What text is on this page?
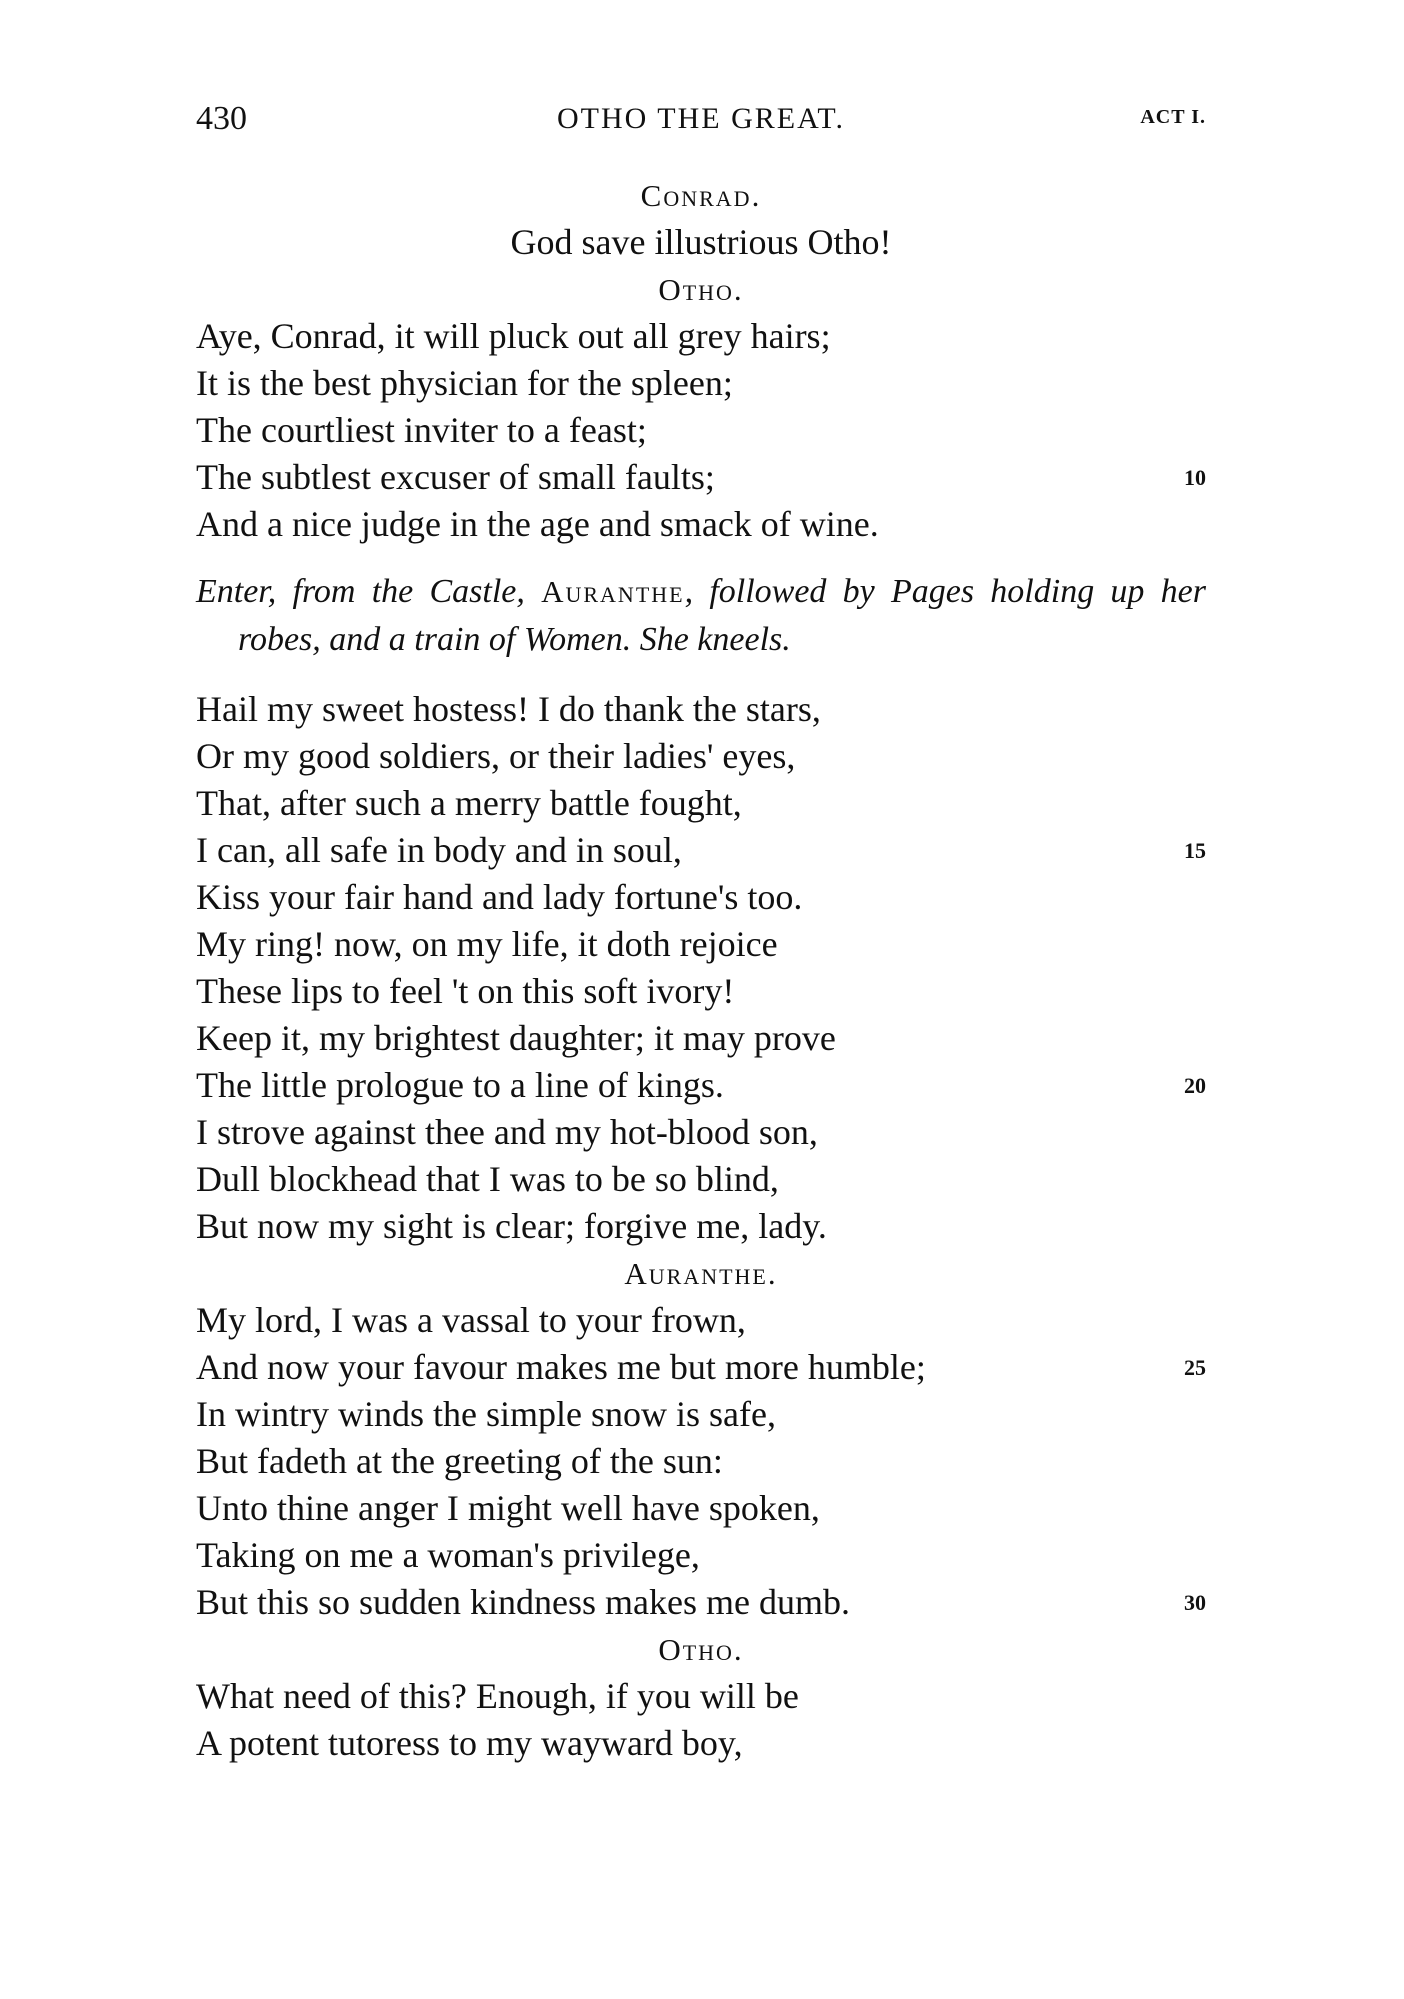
430	OTHO THE GREAT.	ACT I.
Conrad.
God save illustrious Otho!
Otho.
Aye, Conrad, it will pluck out all grey hairs;
It is the best physician for the spleen;
The courtliest inviter to a feast;
The subtlest excuser of small faults;	10
And a nice judge in the age and smack of wine.
Enter, from the Castle, Auranthe, followed by Pages holding up her robes, and a train of Women. She kneels.
Hail my sweet hostess! I do thank the stars,
Or my good soldiers, or their ladies' eyes,
That, after such a merry battle fought,
I can, all safe in body and in soul,	15
Kiss your fair hand and lady fortune's too.
My ring! now, on my life, it doth rejoice
These lips to feel 't on this soft ivory!
Keep it, my brightest daughter; it may prove
The little prologue to a line of kings.	20
I strove against thee and my hot-blood son,
Dull blockhead that I was to be so blind,
But now my sight is clear; forgive me, lady.
Auranthe.
My lord, I was a vassal to your frown,
And now your favour makes me but more humble;	25
In wintry winds the simple snow is safe,
But fadeth at the greeting of the sun:
Unto thine anger I might well have spoken,
Taking on me a woman's privilege,
But this so sudden kindness makes me dumb.	30
Otho.
What need of this? Enough, if you will be
A potent tutoress to my wayward boy,
